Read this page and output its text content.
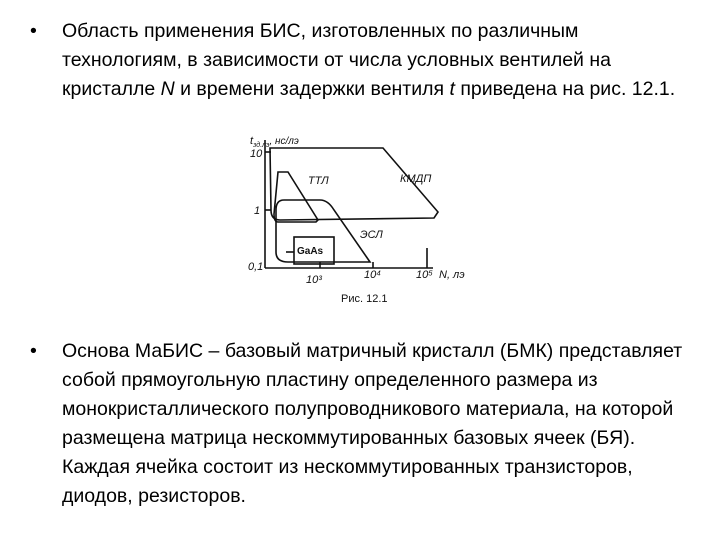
•	Область применения БИС, изготовленных по различным технологиям, в зависимости от числа условных вентилей на кристалле N и времени задержки вентиля t приведена на рис. 12.1.
$t_{зд.лэ}$, нс/лэ
10
1
0,1
10³	10⁴	10⁵ N, лэ
ТТЛ	КМДП
ЭСЛ
GaAs
Рис. 12.1
•	Основа МаБИС – базовый матричный кристалл (БМК) представляет собой прямоугольную пластину определенного размера из монокристаллического полупроводникового материала, на которой размещена матрица нескоммутированных базовых ячеек (БЯ). Каждая ячейка состоит из нескоммутированных транзисторов, диодов, резисторов.
